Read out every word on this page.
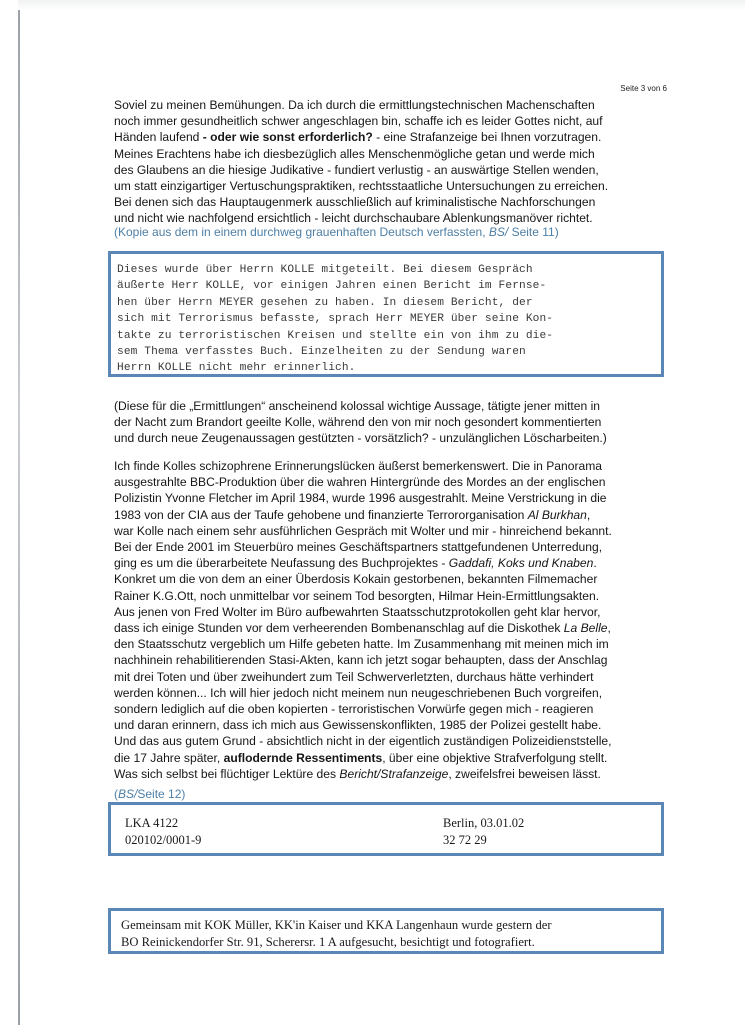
Seite 3 von 6

Soviel zu meinen Bemühungen. Da ich durch die ermittlungstechnischen Machenschaften

noch immer gesundheitlich schwer angeschlagen bin, schaffe ich es leider Gottes nicht, auf

Händen laufend - oder wie sonst erforderlich? - eine Strafanzeige bei Ihnen vorzutragen.

Meines Erachtens habe ich diesbezüglich alles Menschenmögliche getan und werde mich

des Glaubens an die hiesige Judikative - fundiert verlustig - an auswärtige Stellen wenden,

um statt einzigartiger Vertuschungspraktiken, rechtsstaatliche Untersuchungen zu erreichen.

Bei denen sich das Hauptaugenmerk ausschließlich auf kriminalistische Nachforschungen

und nicht wie nachfolgend ersichtlich - leicht durchschaubare Ablenkungsmanöver richtet.

(Kopie aus dem in einem durchweg grauenhaften Deutsch verfassten, BS/ Seite 11)

Dieses wurde über Herrn KOLLE mitgeteilt. Bei diesem Gespräch

äußerte Herr KOLLE, vor einigen Jahren einen Bericht im Fernse-

hen über Herrn MEYER gesehen zu haben. In diesem Bericht, der

sich mit Terrorismus befasste, sprach Herr MEYER über seine Kon-

takte zu terroristischen Kreisen und stellte ein von ihm zu die-

sem Thema verfasstes Buch. Einzelheiten zu der Sendung waren

Herrn KOLLE nicht mehr erinnerlich.

(Diese für die „Ermittlungen“ anscheinend kolossal wichtige Aussage, tätigte jener mitten in

der Nacht zum Brandort geeilte Kolle, während den von mir noch gesondert kommentierten

und durch neue Zeugenaussagen gestützten - vorsätzlich? - unzulänglichen Löscharbeiten.)

Ich finde Kolles schizophrene Erinnerungslücken äußerst bemerkenswert. Die in Panorama

ausgestrahlte BBC-Produktion über die wahren Hintergründe des Mordes an der englischen

Polizistin Yvonne Fletcher im April 1984, wurde 1996 ausgestrahlt. Meine Verstrickung in die

1983 von der CIA aus der Taufe gehobene und finanzierte Terrororganisation Al Burkhan,

war Kolle nach einem sehr ausführlichen Gespräch mit Wolter und mir - hinreichend bekannt.

Bei der Ende 2001 im Steuerbüro meines Geschäftspartners stattgefundenen Unterredung,

ging es um die überarbeitete Neufassung des Buchprojektes - Gaddafi, Koks und Knaben.

Konkret um die von dem an einer Überdosis Kokain gestorbenen, bekannten Filmemacher

Rainer K.G.Ott, noch unmittelbar vor seinem Tod besorgten, Hilmar Hein-Ermittlungsakten.

Aus jenen von Fred Wolter im Büro aufbewahrten Staatsschutzprotokollen geht klar hervor,

dass ich einige Stunden vor dem verheerenden Bombenanschlag auf die Diskothek La Belle,

den Staatsschutz vergeblich um Hilfe gebeten hatte. Im Zusammenhang mit meinen mich im

nachhinein rehabilitierenden Stasi-Akten, kann ich jetzt sogar behaupten, dass der Anschlag

mit drei Toten und über zweihundert zum Teil Schwerverletzten, durchaus hätte verhindert

werden können... Ich will hier jedoch nicht meinem nun neugeschriebenen Buch vorgreifen,

sondern lediglich auf die oben kopierten - terroristischen Vorwürfe gegen mich - reagieren

und daran erinnern, dass ich mich aus Gewissenskonflikten, 1985 der Polizei gestellt habe.

Und das aus gutem Grund - absichtlich nicht in der eigentlich zuständigen Polizeidienststelle,

die 17 Jahre später, auflodernde Ressentiments, über eine objektive Strafverfolgung stellt.

Was sich selbst bei flüchtiger Lektüre des Bericht/Strafanzeige, zweifelsfrei beweisen lässt.

(BS/Seite 12)

LKA 4122	Berlin, 03.01.02
020102/0001-9	32 72 29

Gemeinsam mit KOK Müller, KK'in Kaiser und KKA Langenhaun wurde gestern der

BO Reinickendorfer Str. 91, Scherersr. 1 A aufgesucht, besichtigt und fotografiert.
